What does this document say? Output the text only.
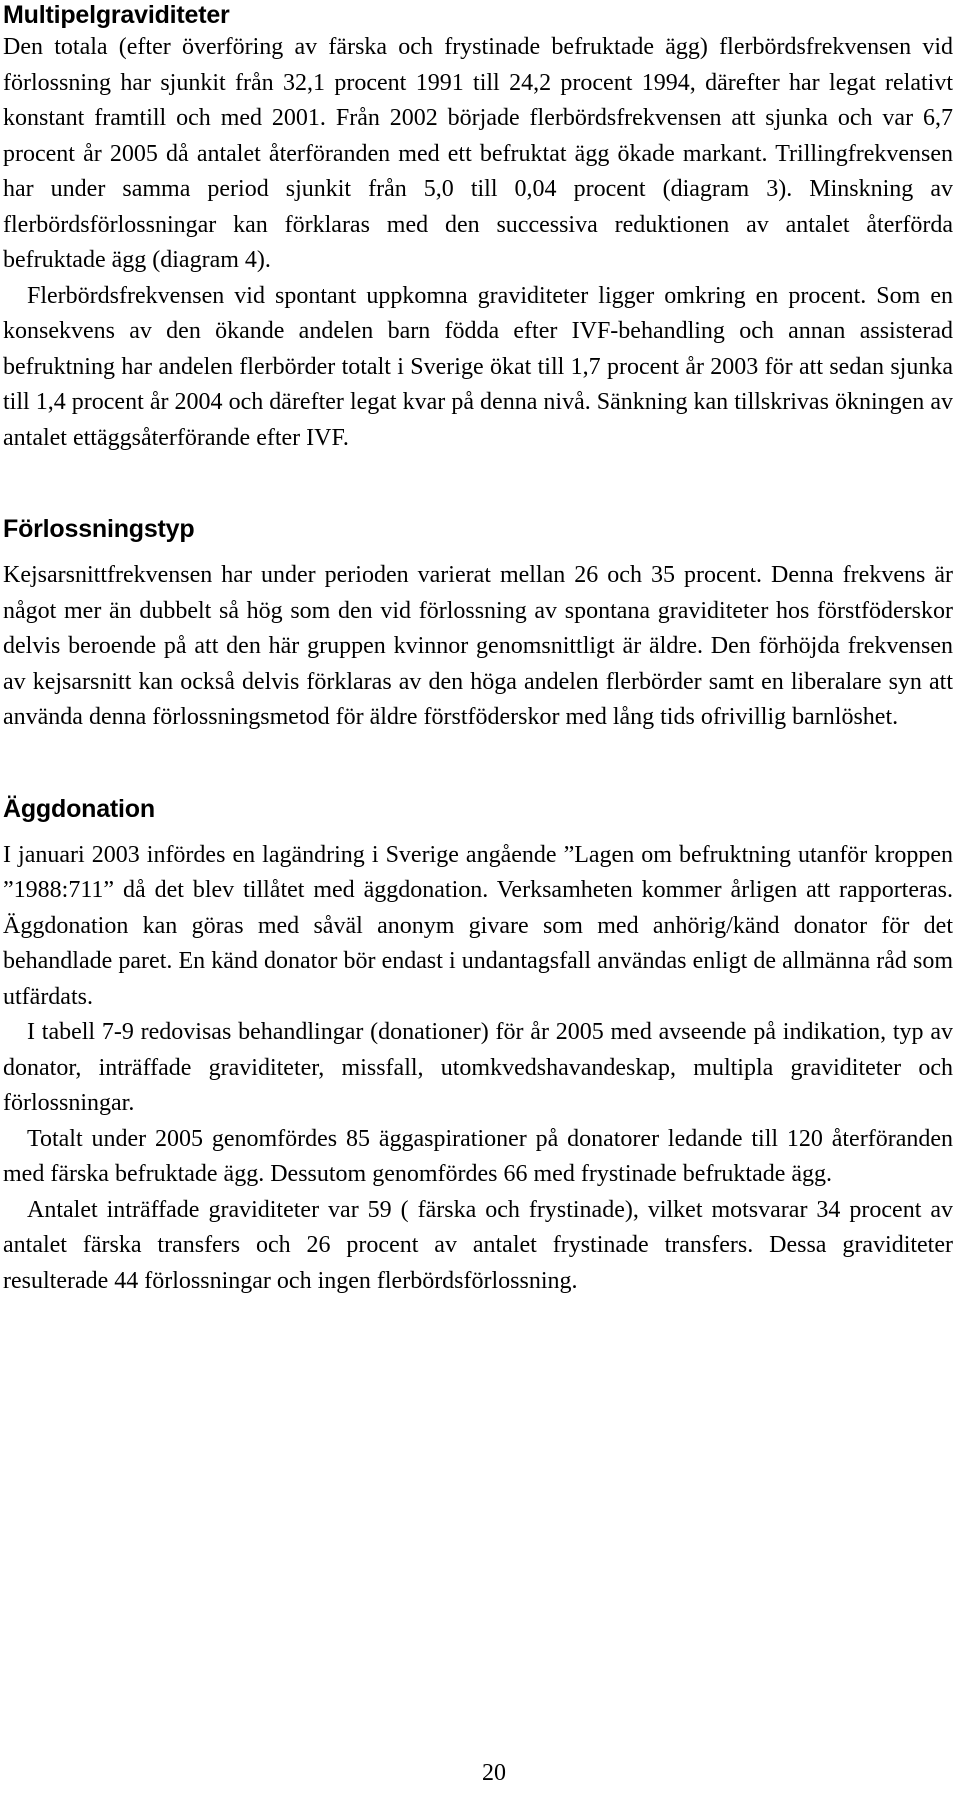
Multipelgraviditeter

Den totala (efter överföring av färska och frystinade befruktade ägg) flerbördsfrekvensen vid förlossning har sjunkit från 32,1 procent 1991 till 24,2 procent 1994, därefter har legat relativt konstant framtill och med 2001. Från 2002 började flerbördsfrekvensen att sjunka och var 6,7 procent år 2005 då antalet återföranden med ett befruktat ägg ökade markant. Trillingfrekvensen har under samma period sjunkit från 5,0 till 0,04 procent (diagram 3). Minskning av flerbördsförlossningar kan förklaras med den successiva reduktionen av antalet återförda befruktade ägg (diagram 4).

Flerbördsfrekvensen vid spontant uppkomna graviditeter ligger omkring en procent. Som en konsekvens av den ökande andelen barn födda efter IVF-behandling och annan assisterad befruktning har andelen flerbörder totalt i Sverige ökat till 1,7 procent år 2003 för att sedan sjunka till 1,4 procent år 2004 och därefter legat kvar på denna nivå. Sänkning kan tillskrivas ökningen av antalet ettäggsåterförande efter IVF.

Förlossningstyp

Kejsarsnittfrekvensen har under perioden varierat mellan 26 och 35 procent. Denna frekvens är något mer än dubbelt så hög som den vid förlossning av spontana graviditeter hos förstföderskor delvis beroende på att den här gruppen kvinnor genomsnittligt är äldre. Den förhöjda frekvensen av kejsarsnitt kan också delvis förklaras av den höga andelen flerbörder samt en liberalare syn att använda denna förlossningsmetod för äldre förstföderskor med lång tids ofrivillig barnlöshet.

Äggdonation

I januari 2003 infördes en lagändring i Sverige angående ”Lagen om befruktning utanför kroppen ”1988:711” då det blev tillåtet med äggdonation. Verksamheten kommer årligen att rapporteras. Äggdonation kan göras med såväl anonym givare som med anhörig/känd donator för det behandlade paret. En känd donator bör endast i undantagsfall användas enligt de allmänna råd som utfärdats.

I tabell 7-9 redovisas behandlingar (donationer) för år 2005 med avseende på indikation, typ av donator, inträffade graviditeter, missfall, utomkvedshavandeskap, multipla graviditeter och förlossningar.

Totalt under 2005 genomfördes 85 äggaspirationer på donatorer ledande till 120 återföranden med färska befruktade ägg. Dessutom genomfördes 66 med frystinade befruktade ägg.

Antalet inträffade graviditeter var 59 ( färska och frystinade), vilket motsvarar 34 procent av antalet färska transfers och 26 procent av antalet frystinade transfers. Dessa graviditeter resulterade 44 förlossningar och ingen flerbördsförlossning.

20
